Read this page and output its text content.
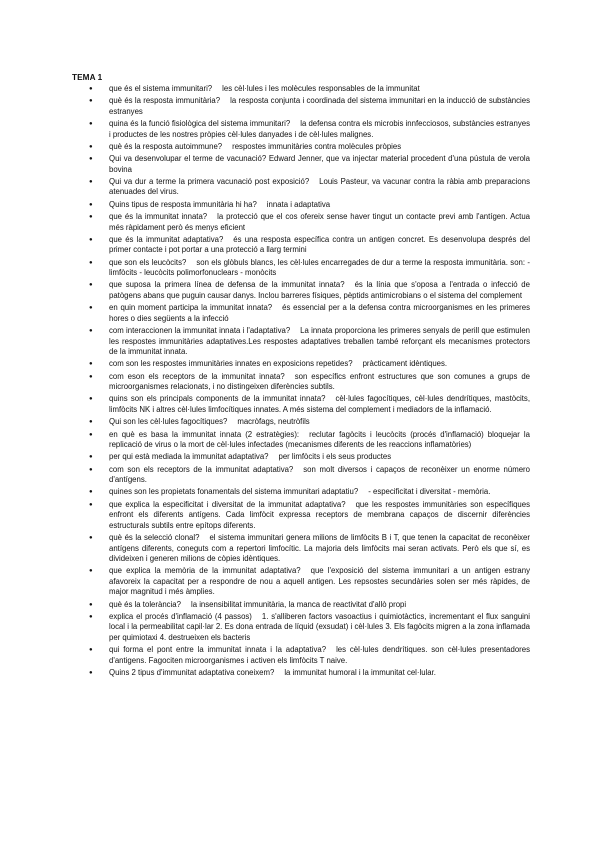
TEMA 1
● que és el sistema immunitari? les cèl·lules i les molècules responsables de la immunitat
● què és la resposta immunitària? la resposta conjunta i coordinada del sistema immunitari en la inducció de substàncies estranyes
● quina és la funció fisiològica del sistema immunitari? la defensa contra els microbis innfecciosos, substàncies estranyes i productes de les nostres pròpies cèl·lules danyades i de cèl·lules malignes.
● què és la resposta autoimmune? respostes immunitàries contra molècules pròpies
● Qui va desenvolupar el terme de vacunació? Edward Jenner, que va injectar material procedent d'una pústula de verola bovina
● Qui va dur a terme la primera vacunació post exposició? Louis Pasteur, va vacunar contra la ràbia amb preparacions atenuades del virus.
● Quins tipus de resposta immunitària hi ha? innata i adaptativa
● que és la immunitat innata? la protecció que el cos ofereix sense haver tingut un contacte previ amb l'antígen. Actua més ràpidament però és menys eficient
● que és la immunitat adaptativa? és una resposta específica contra un antigen concret. Es desenvolupa després del primer contacte i pot portar a una protecció a llarg termini
● que son els leucòcits? son els glòbuls blancs, les cèl·lules encarregades de dur a terme la resposta immunitària. son: - limfòcits - leucòcits polimorfonuclears - monòcits
● que suposa la primera línea de defensa de la immunitat innata? és la línia que s'oposa a l'entrada o infecció de patògens abans que puguin causar danys. Inclou barreres físiques, pèptids antimicrobians o el sistema del complement
● en quin moment participa la immunitat innata? és essencial per a la defensa contra microorganismes en les primeres hores o dies següents a la infecció
● com interaccionen la immunitat innata i l'adaptativa? La innata proporciona les primeres senyals de perill que estimulen les respostes immunitàries adaptatives.Les respostes adaptatives treballen també reforçant els mecanismes protectors de la immunitat innata.
● com son les respostes immunitàries innates en exposicions repetides? pràcticament idèntiques.
● com eson els receptors de la immunitat innata? son específics enfront estructures que son comunes a grups de microorganismes relacionats, i no distingeixen diferències subtils.
● quins son els principals components de la immunitat innata? cèl·lules fagocítiques, cèl·lules dendrítiques, mastòcits, limfòcits NK i altres cèl·lules limfocítiques innates. A més sistema del complement i mediadors de la inflamació.
● Qui son les cèl·lules fagocítiques? macròfags, neutròfils
● en què es basa la immunitat innata (2 estratègies): reclutar fagòcits i leucòcits (procés d'inflamació) bloquejar la replicació de virus o la mort de cèl·lules infectades (mecanismes diferents de les reaccions inflamatòries)
● per qui està mediada la immunitat adaptativa? per limfòcits i els seus productes
● com son els receptors de la immunitat adaptativa? son molt diversos i capaços de reconèixer un enorme número d'antígens.
● quines son les propietats fonamentals del sistema immunitari adaptatiu? - especificitat i diversitat - memòria.
● que explica la especificitat i diversitat de la immunitat adaptativa? que les respostes immunitàries son específiques enfront els diferents antígens. Cada limfòcit expressa receptors de membrana capaços de discernir diferències estructurals subtils entre epítops diferents.
● què és la selecció clonal? el sistema immunitari genera milions de limfòcits B i T, que tenen la capacitat de reconèixer antígens diferents, coneguts com a repertori limfocític. La majoria dels limfòcits mai seran activats. Però els que sí, es divideixen i generen milions de còpies idèntiques.
● que explica la memòria de la immunitat adaptativa? que l'exposició del sistema immunitari a un antigen estrany afavoreix la capacitat per a respondre de nou a aquell antigen. Les repsostes secundàries solen ser més ràpides, de major magnitud i més àmplies.
● què és la tolerància? la insensibilitat immunitària, la manca de reactivitat d'allò propi
● explica el procés d'inflamació (4 passos) 1. s'alliberen factors vasoactius i quimiotàctics, incrementant el flux sanguini local i la permeabilitat capil·lar 2. Es dona entrada de líquid (exsudat) i cèl·lules 3. Els fagòcits migren a la zona inflamada per quimiotaxi 4. destrueixen els bacteris
● qui forma el pont entre la immunitat innata i la adaptativa? les cèl·lules dendrítiques. son cèl·lules presentadores d'antigens. Fagociten microorganismes i activen els limfòcits T naive.
● Quins 2 tipus d'immunitat adaptativa coneixem? la immunitat humoral i la immunitat cel·lular.
